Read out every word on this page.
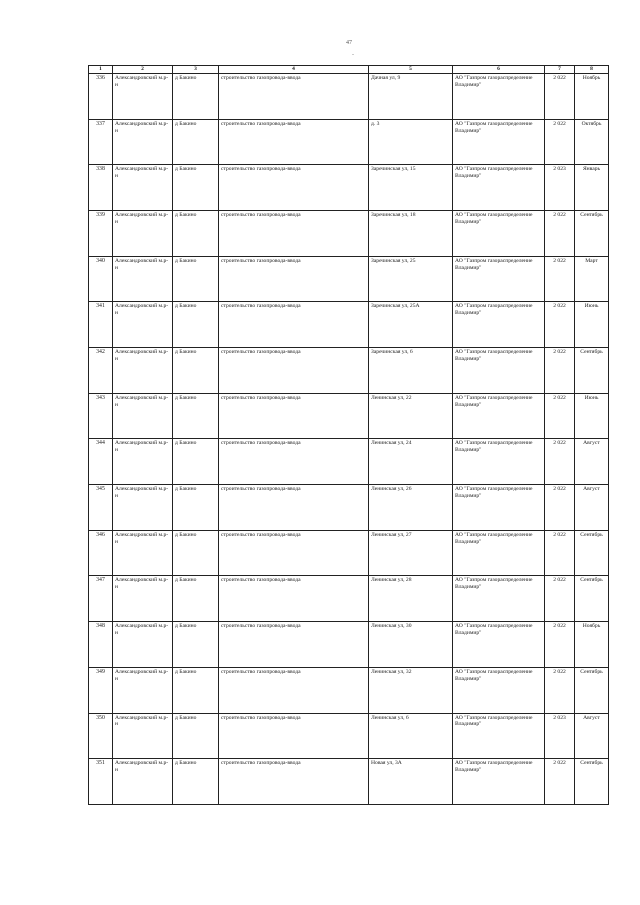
47
-
1	2	3	4	5	6	7	8
336	Александровский м.р-н	д Бакино	строительство газопровода-ввода	Дачная ул, 9	АО "Газпром газораспределение Владимир"	2 022	Ноябрь
337	Александровский м.р-н	д Бакино	строительство газопровода-ввода	д. 3	АО "Газпром газораспределение Владимир"	2 022	Октябрь
338	Александровский м.р-н	д Бакино	строительство газопровода-ввода	Заречинская ул, 15	АО "Газпром газораспределение Владимир"	2 023	Январь
339	Александровский м.р-н	д Бакино	строительство газопровода-ввода	Заречинская ул, 18	АО "Газпром газораспределение Владимир"	2 022	Сентябрь
340	Александровский м.р-н	д Бакино	строительство газопровода-ввода	Заречинская ул, 25	АО "Газпром газораспределение Владимир"	2 022	Март
341	Александровский м.р-н	д Бакино	строительство газопровода-ввода	Заречинская ул, 25А	АО "Газпром газораспределение Владимир"	2 022	Июнь
342	Александровский м.р-н	д Бакино	строительство газопровода-ввода	Заречинская ул, 6	АО "Газпром газораспределение Владимир"	2 022	Сентябрь
343	Александровский м.р-н	д Бакино	строительство газопровода-ввода	Ленинская ул, 22	АО "Газпром газораспределение Владимир"	2 022	Июнь
344	Александровский м.р-н	д Бакино	строительство газопровода-ввода	Ленинская ул, 24	АО "Газпром газораспределение Владимир"	2 022	Август
345	Александровский м.р-н	д Бакино	строительство газопровода-ввода	Ленинская ул, 26	АО "Газпром газораспределение Владимир"	2 022	Август
346	Александровский м.р-н	д Бакино	строительство газопровода-ввода	Ленинская ул, 27	АО "Газпром газораспределение Владимир"	2 022	Сентябрь
347	Александровский м.р-н	д Бакино	строительство газопровода-ввода	Ленинская ул, 28	АО "Газпром газораспределение Владимир"	2 022	Сентябрь
348	Александровский м.р-н	д Бакино	строительство газопровода-ввода	Ленинская ул, 30	АО "Газпром газораспределение Владимир"	2 022	Ноябрь
349	Александровский м.р-н	д Бакино	строительство газопровода-ввода	Ленинская ул, 32	АО "Газпром газораспределение Владимир"	2 022	Сентябрь
350	Александровский м.р-н	д Бакино	строительство газопровода-ввода	Ленинская ул, 6	АО "Газпром газораспределение Владимир"	2 023	Август
351	Александровский м.р-н	д Бакино	строительство газопровода-ввода	Новая ул, 3А	АО "Газпром газораспределение Владимир"	2 022	Сентябрь
